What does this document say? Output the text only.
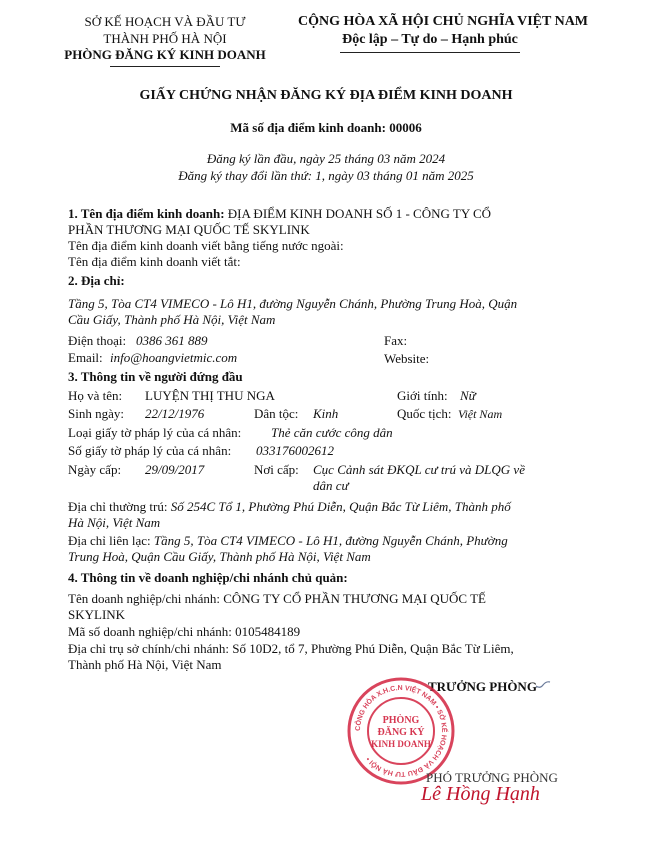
SỞ KẾ HOẠCH VÀ ĐẦU TƯ
THÀNH PHỐ HÀ NỘI
PHÒNG ĐĂNG KÝ KINH DOANH
CỘNG HÒA XÃ HỘI CHỦ NGHĨA VIỆT NAM
Độc lập – Tự do – Hạnh phúc
GIẤY CHỨNG NHẬN ĐĂNG KÝ ĐỊA ĐIỂM KINH DOANH
Mã số địa điểm kinh doanh: 00006
Đăng ký lần đầu, ngày 25 tháng 03 năm 2024
Đăng ký thay đổi lần thứ: 1, ngày 03 tháng 01 năm 2025
1. Tên địa điểm kinh doanh: ĐỊA ĐIỂM KINH DOANH SỐ 1 - CÔNG TY CỔ
PHẦN THƯƠNG MẠI QUỐC TẾ SKYLINK
Tên địa điểm kinh doanh viết bằng tiếng nước ngoài:
Tên địa điểm kinh doanh viết tắt:
2. Địa chỉ:
Tầng 5, Tòa CT4 VIMECO - Lô H1, đường Nguyễn Chánh, Phường Trung Hoà, Quận
Cầu Giấy, Thành phố Hà Nội, Việt Nam
Điện thoại: 0386 361 889	Fax:
Email: info@hoangvietmic.com	Website:
3. Thông tin về người đứng đầu
Họ và tên: LUYỆN THỊ THU NGA	Giới tính: Nữ
Sinh ngày: 22/12/1976	Dân tộc: Kinh	Quốc tịch: Việt Nam
Loại giấy tờ pháp lý của cá nhân: Thẻ căn cước công dân
Số giấy tờ pháp lý của cá nhân: 033176002612
Ngày cấp: 29/09/2017	Nơi cấp: Cục Cảnh sát ĐKQL cư trú và DLQG về
dân cư
Địa chỉ thường trú: Số 254C Tổ 1, Phường Phú Diễn, Quận Bắc Từ Liêm, Thành phố
Hà Nội, Việt Nam
Địa chỉ liên lạc: Tầng 5, Tòa CT4 VIMECO - Lô H1, đường Nguyễn Chánh, Phường
Trung Hoà, Quận Cầu Giấy, Thành phố Hà Nội, Việt Nam
4. Thông tin về doanh nghiệp/chi nhánh chủ quản:
Tên doanh nghiệp/chi nhánh: CÔNG TY CỔ PHẦN THƯƠNG MẠI QUỐC TẾ
SKYLINK
Mã số doanh nghiệp/chi nhánh: 0105484189
Địa chỉ trụ sở chính/chi nhánh: Số 10D2, tổ 7, Phường Phú Diễn, Quận Bắc Từ Liêm,
Thành phố Hà Nội, Việt Nam
TRƯỞNG PHÒNG
CÔNG HÒA X.H.C.N VIỆT NAM • SỞ KẾ HOẠCH VÀ ĐẦU TƯ HÀ NỘI •
PHÒNG
ĐĂNG KÝ
KINH DOANH
PHÓ TRƯỞNG PHÒNG
Lê Hồng Hạnh
